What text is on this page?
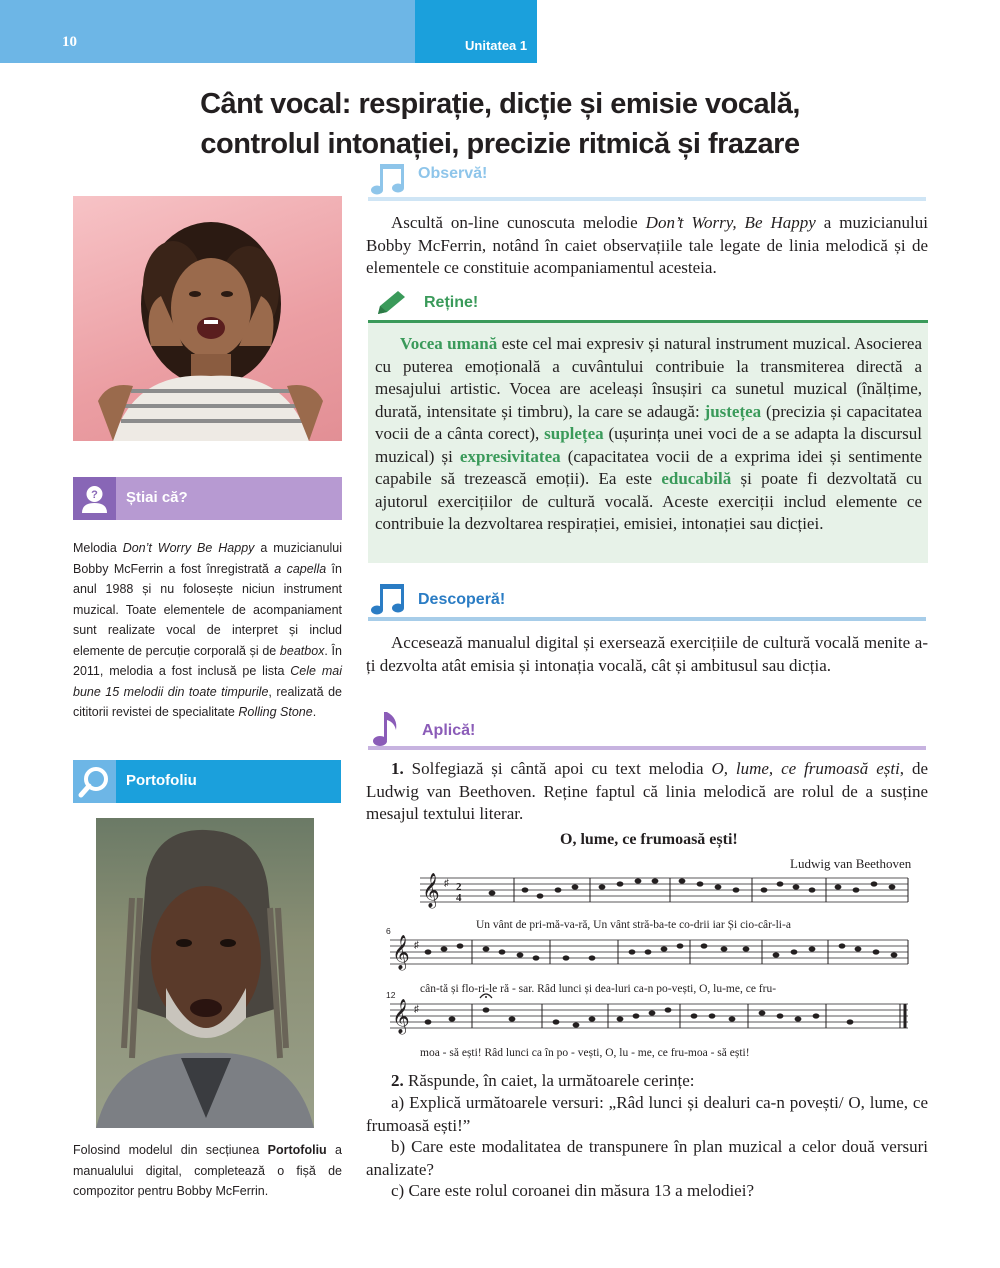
10	Unitatea 1
Cânt vocal: respirație, dicție și emisie vocală,
controlul intonației, precizie ritmică și frazare
? Știai că?
Melodia Don’t Worry Be Happy a muzicianului Bobby McFerrin a fost înregistrată a capella în anul 1988 și nu folosește niciun instrument muzical. Toate elementele de acompaniament sunt realizate vocal de interpret și includ elemente de percuție corporală și de beatbox. În 2011, melodia a fost inclusă pe lista Cele mai bune 15 melodii din toate timpurile, realizată de cititorii revistei de specialitate Rolling Stone.
Portofoliu
Folosind modelul din secțiunea Portofoliu a manualului digital, completează o fișă de compozitor pentru Bobby McFerrin.
Observă!
Ascultă on-line cunoscuta melodie Don’t Worry, Be Happy a muzicianului Bobby McFerrin, notând în caiet observațiile tale legate de linia melodică și de elementele ce constituie acompaniamentul acesteia.
Reține!
Vocea umană este cel mai expresiv și natural instrument muzical. Asocierea cu puterea emoțională a cuvântului contribuie la transmiterea directă a mesajului artistic. Vocea are aceleași însușiri ca sunetul muzical (înălțime, durată, intensitate și timbru), la care se adaugă: justețea (precizia și capacitatea vocii de a cânta corect), suplețea (ușurința unei voci de a se adapta la discursul muzical) și expresivitatea (capacitatea vocii de a exprima idei și sentimente capabile să trezească emoții). Ea este educabilă și poate fi dezvoltată cu ajutorul exercițiilor de cultură vocală. Aceste exerciții includ elemente ce contribuie la dezvoltarea respirației, emisiei, intonației sau dicției.
Descoperă!
Accesează manualul digital și exersează exercițiile de cultură vocală menite a-ți dezvolta atât emisia și intonația vocală, cât și ambitusul sau dicția.
Aplică!
1. Solfegiază și cântă apoi cu text melodia O, lume, ce frumoasă ești, de Ludwig van Beethoven. Reține faptul că linia melodică are rolul de a susține mesajul textului literar.
O, lume, ce frumoasă ești!
Ludwig van Beethoven
𝄞
𝄞
𝄞
♯
♯
♯
2
4
6
12
Un vânt de pri-mă-va-ră, Un vânt stră-ba-te co-drii iar Și cio-câr-li-a
cân-tă și flo-ri-le ră - sar. Râd lunci și dea-luri ca-n po-vești, O, lu-me, ce fru-
moa - să ești! Râd lunci ca în po - vești, O, lu - me, ce fru-moa - să ești!
2. Răspunde, în caiet, la următoarele cerințe:
a) Explică următoarele versuri: „Râd lunci și dealuri ca-n povești/ O, lume, ce frumoasă ești!”
b) Care este modalitatea de transpunere în plan muzical a celor două versuri analizate?
c) Care este rolul coroanei din măsura 13 a melodiei?
